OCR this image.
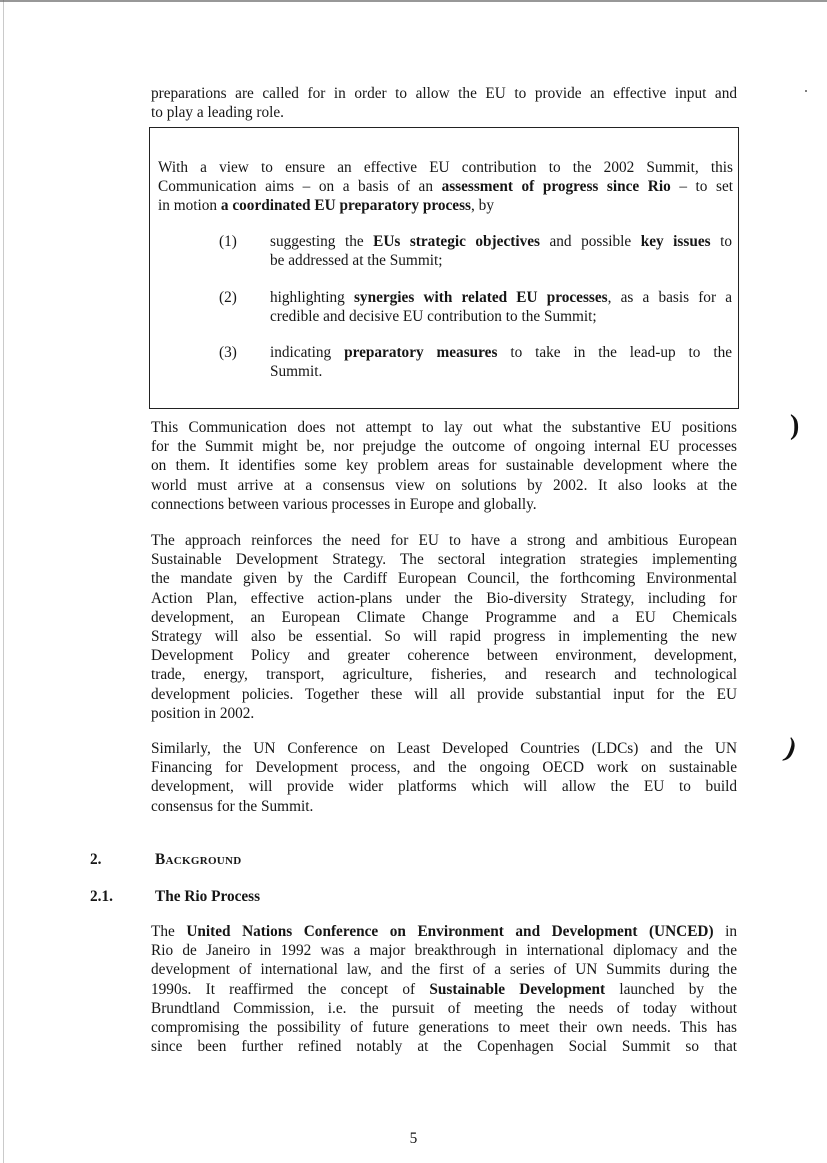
)
)

preparations are called for in order to allow the EU to provide an effective input and
to play a leading role.

With a view to ensure an effective EU contribution to the 2002 Summit, this
Communication aims – on a basis of an assessment of progress since Rio – to set
in motion a coordinated EU preparatory process, by
(1) suggesting the EUs strategic objectives and possible key issues to
be addressed at the Summit;
(2) highlighting synergies with related EU processes, as a basis for a
credible and decisive EU contribution to the Summit;
(3) indicating preparatory measures to take in the lead-up to the
Summit.

This Communication does not attempt to lay out what the substantive EU positions
for the Summit might be, nor prejudge the outcome of ongoing internal EU processes
on them. It identifies some key problem areas for sustainable development where the
world must arrive at a consensus view on solutions by 2002. It also looks at the
connections between various processes in Europe and globally.

The approach reinforces the need for EU to have a strong and ambitious European
Sustainable Development Strategy. The sectoral integration strategies implementing
the mandate given by the Cardiff European Council, the forthcoming Environmental
Action Plan, effective action-plans under the Bio-diversity Strategy, including for
development, an European Climate Change Programme and a EU Chemicals
Strategy will also be essential. So will rapid progress in implementing the new
Development Policy and greater coherence between environment, development,
trade, energy, transport, agriculture, fisheries, and research and technological
development policies. Together these will all provide substantial input for the EU
position in 2002.

Similarly, the UN Conference on Least Developed Countries (LDCs) and the UN
Financing for Development process, and the ongoing OECD work on sustainable
development, will provide wider platforms which will allow the EU to build
consensus for the Summit.

2.	Background
2.1.	The Rio Process

The United Nations Conference on Environment and Development (UNCED) in
Rio de Janeiro in 1992 was a major breakthrough in international diplomacy and the
development of international law, and the first of a series of UN Summits during the
1990s. It reaffirmed the concept of Sustainable Development launched by the
Brundtland Commission, i.e. the pursuit of meeting the needs of today without
compromising the possibility of future generations to meet their own needs. This has
since been further refined notably at the Copenhagen Social Summit so that

5
